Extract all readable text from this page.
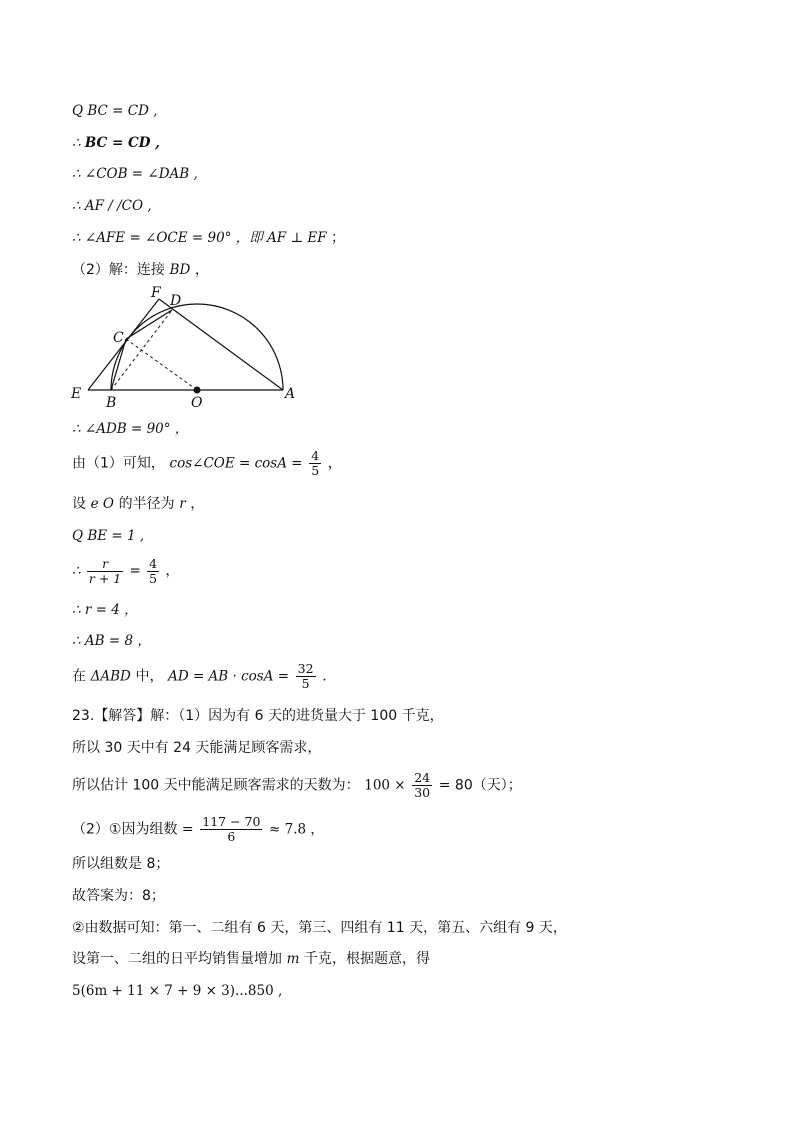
Q BC = CD ,
∴ BC = CD ,
∴ ∠COB = ∠DAB ,
∴ AF / /CO ,
∴ ∠AFE = ∠OCE = 90° ，即 AF ⊥ EF ；
（2）解：连接 BD ，
E
B	O
A
C
D
F
∴ ∠ADB = 90° ，
由（1）可知， cos∠COE = $\cos A = \frac{4}{5}$ ，
设 e O 的半径为 r ，
Q BE = 1 ,
∴ $\frac{r}{r + 1} = \frac{4}{5}$ ，
∴ r = 4 ，
∴ AB = 8 ，
在 ΔABD 中， AD = AB · $\cos A = \frac{32}{5}$ ．
23.【解答】解：（1）因为有 6 天的进货量大于 100 千克，
所以 30 天中有 24 天能满足顾客需求，
所以估计 100 天中能满足顾客需求的天数为： $100 \times \frac{24}{30} = 80$（天）；
（2）①因为组数 = $\frac{117 - 70}{6} \approx 7.8$ ，
所以组数是 8；
故答案为：8；
②由数据可知：第一、二组有 6 天，第三、四组有 11 天，第五、六组有 9 天，
设第一、二组的日平均销售量增加 m 千克，根据题意，得
5(6m + 11 × 7 + 9 × 3)...850 ,
